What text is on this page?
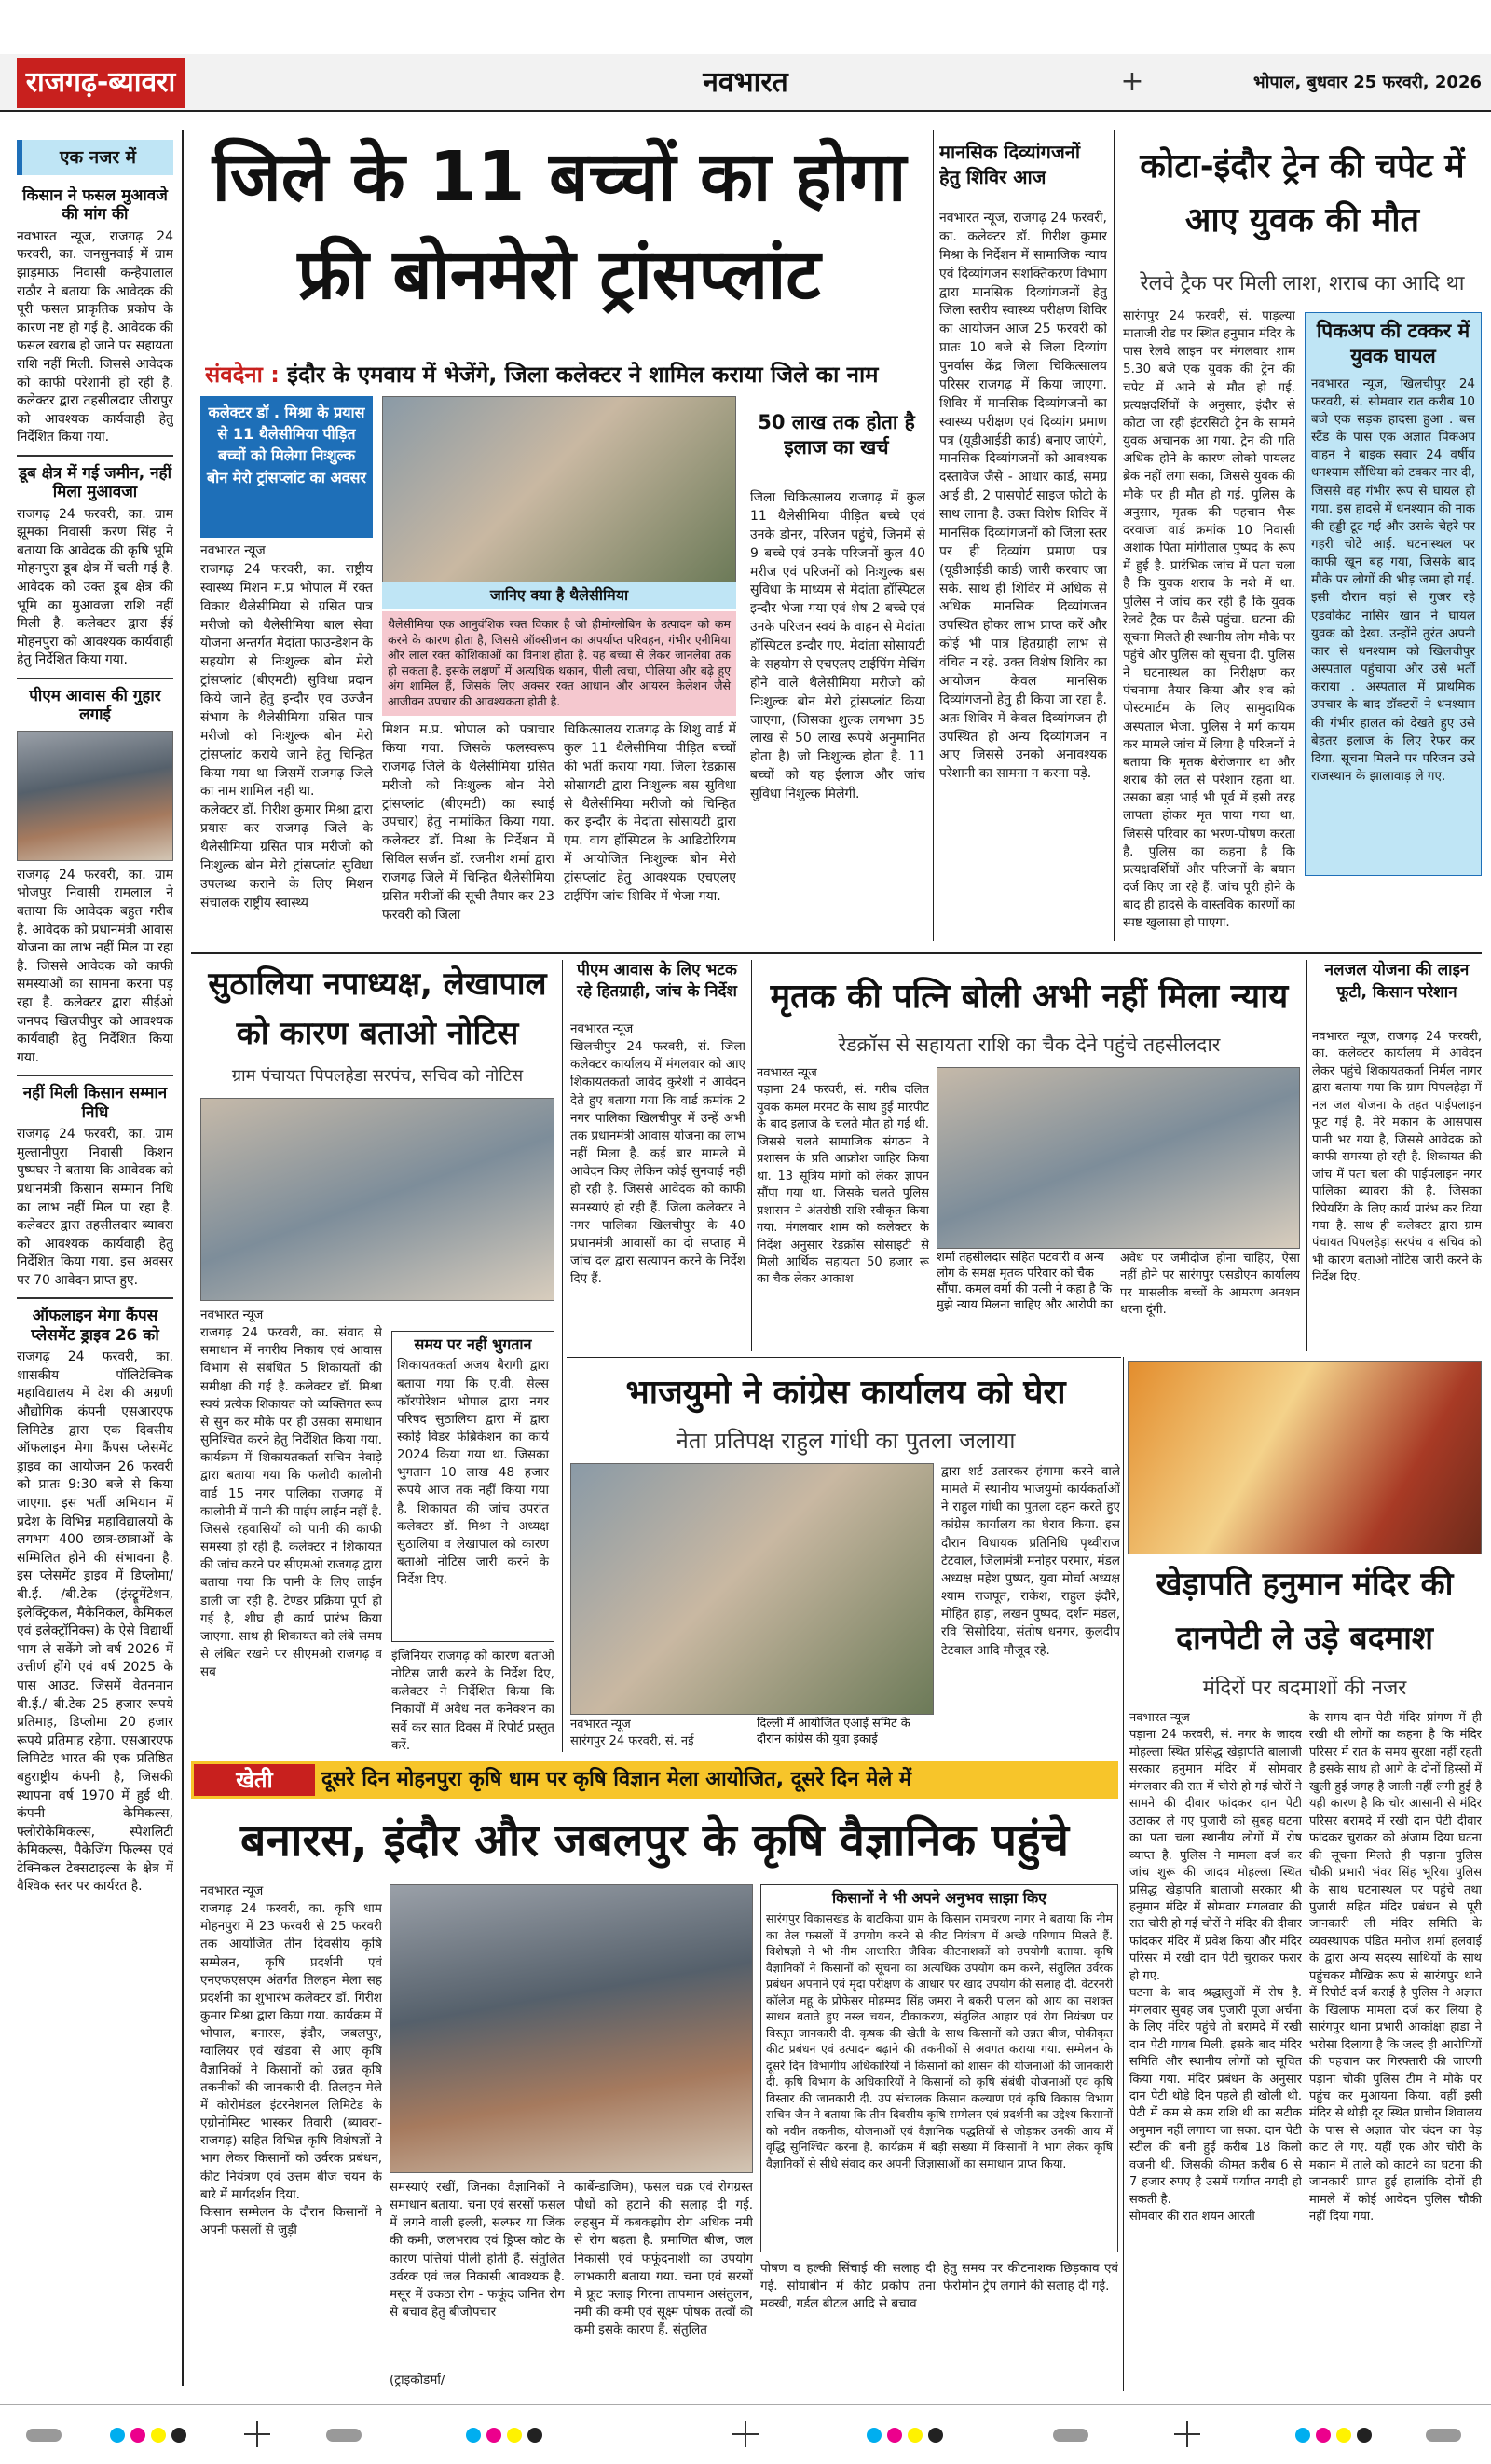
राजगढ़-ब्यावरा	नवभारत	+	भोपाल, बुधवार 25 फरवरी, 2026
एक नजर में
किसान ने फसल मुआवजे की मांग की
नवभारत न्यूज, राजगढ़ 24 फरवरी, का. जनसुनवाई में ग्राम झाड़माऊ निवासी कन्हैयालाल राठौर ने बताया कि आवेदक की पूरी फसल प्राकृतिक प्रकोप के कारण नष्ट हो गई है. आवेदक की फसल खराब हो जाने पर सहायता राशि नहीं मिली. जिससे आवेदक को काफी परेशानी हो रही है. कलेक्टर द्वारा तहसीलदार जीरापुर को आवश्यक कार्यवाही हेतु निर्देशित किया गया.
डूब क्षेत्र में गई जमीन, नहीं मिला मुआवजा
राजगढ़ 24 फरवरी, का. ग्राम झूमका निवासी करण सिंह ने बताया कि आवेदक की कृषि भूमि मोहनपुरा डूब क्षेत्र में चली गई है. आवेदक को उक्त डूब क्षेत्र की भूमि का मुआवजा राशि नहीं मिली है. कलेक्टर द्वारा ईई मोहनपुरा को आवश्यक कार्यवाही हेतु निर्देशित किया गया.
पीएम आवास की गुहार लगाई
राजगढ़ 24 फरवरी, का. ग्राम भोजपुर निवासी रामलाल ने बताया कि आवेदक बहुत गरीब है. आवेदक को प्रधानमंत्री आवास योजना का लाभ नहीं मिल पा रहा है. जिससे आवेदक को काफी समस्याओं का सामना करना पड़ रहा है. कलेक्टर द्वारा सीईओ जनपद खिलचीपुर को आवश्यक कार्यवाही हेतु निर्देशित किया गया.
नहीं मिली किसान सम्मान निधि
राजगढ़ 24 फरवरी, का. ग्राम मुल्तानीपुरा निवासी किशन पुष्पघर ने बताया कि आवेदक को प्रधानमंत्री किसान सम्मान निधि का लाभ नहीं मिल पा रहा है. कलेक्टर द्वारा तहसीलदार ब्यावरा को आवश्यक कार्यवाही हेतु निर्देशित किया गया. इस अवसर पर 70 आवेदन प्राप्त हुए.
ऑफलाइन मेगा कैंपस प्लेसमेंट ड्राइव 26 को
राजगढ़ 24 फरवरी, का. शासकीय पॉलिटेक्निक महाविद्यालय में देश की अग्रणी औद्योगिक कंपनी एसआरएफ लिमिटेड द्वारा एक दिवसीय ऑफलाइन मेगा कैंपस प्लेसमेंट ड्राइव का आयोजन 26 फरवरी को प्रातः 9:30 बजे से किया जाएगा. इस भर्ती अभियान में प्रदेश के विभिन्न महाविद्यालयों के लगभग 400 छात्र-छात्राओं के सम्मिलित होने की संभावना है. इस प्लेसमेंट ड्राइव में डिप्लोमा/बी.ई. /बी.टेक (इंस्ट्रूमेंटेशन, इलेक्ट्रिकल, मैकेनिकल, केमिकल एवं इलेक्ट्रॉनिक्स) के ऐसे विद्यार्थी भाग ले सकेंगे जो वर्ष 2026 में उत्तीर्ण होंगे एवं वर्ष 2025 के पास आउट. जिसमें वेतनमान बी.ई./ बी.टेक 25 हजार रूपये प्रतिमाह, डिप्लोमा 20 हजार रूपये प्रतिमाह रहेगा. एसआरएफ लिमिटेड भारत की एक प्रतिष्ठित बहुराष्ट्रीय कंपनी है, जिसकी स्थापना वर्ष 1970 में हुई थी. कंपनी केमिकल्स, फ्लोरोकेमिकल्स, स्पेशलिटी केमिकल्स, पैकेजिंग फिल्म्स एवं टेक्निकल टेक्सटाइल्स के क्षेत्र में वैश्विक स्तर पर कार्यरत है.
जिले के 11 बच्चों का होगा
फ्री बोनमेरो ट्रांसप्लांट
संवदेना : इंदौर के एमवाय में भेजेंगे, जिला कलेक्टर ने शामिल कराया जिले का नाम
कलेक्टर डॉ . मिश्रा के प्रयास से 11 थैलेसीमिया पीड़ित बच्चों को मिलेगा निःशुल्क बोन मेरो ट्रांसप्लांट का अवसर
जानिए क्या है थैलेसीमिया
थैलेसीमिया एक आनुवंशिक रक्त विकार है जो हीमोग्लोबिन के उत्पादन को कम करने के कारण होता है, जिससे ऑक्सीजन का अपर्याप्त परिवहन, गंभीर एनीमिया और लाल रक्त कोशिकाओं का विनाश होता है. यह बच्चा से लेकर जानलेवा तक हो सकता है. इसके लक्षणों में अत्यधिक थकान, पीली त्वचा, पीलिया और बढ़े हुए अंग शामिल हैं, जिसके लिए अक्सर रक्त आधान और आयरन केलेशन जैसे आजीवन उपचार की आवश्यकता होती है.
नवभारत न्यूज
राजगढ़ 24 फरवरी, का. राष्ट्रीय स्वास्थ्य मिशन म.प्र भोपाल में रक्त विकार थैलेसीमिया से ग्रसित पात्र मरीजो को थैलेसीमिया बाल सेवा योजना अन्तर्गत मेदांता फाउन्डेशन के सहयोग से निःशुल्क बोन मेरो ट्रांसप्लांट (बीएमटी) सुविधा प्रदान किये जाने हेतु इन्दौर एव उज्जैन संभाग के थैलेसीमिया ग्रसित पात्र मरीजो को निःशुल्क बोन मेरो ट्रांसप्लांट कराये जाने हेतु चिन्हित किया गया था जिसमें राजगढ़ जिले का नाम शामिल नहीं था.
कलेक्टर डॉ. गिरीश कुमार मिश्रा द्वारा प्रयास कर राजगढ़ जिले के थैलेसीमिया ग्रसित पात्र मरीजो को निःशुल्क बोन मेरो ट्रांसप्लांट सुविधा उपलब्ध कराने के लिए मिशन संचालक राष्ट्रीय स्वास्थ्य
मिशन म.प्र. भोपाल को पत्राचार किया गया. जिसके फलस्वरूप राजगढ़ जिले के थैलेसीमिया ग्रसित मरीजो को निःशुल्क बोन मेरो ट्रांसप्लांट (बीएमटी) का स्थाई उपचार) हेतु नामांकित किया गया. कलेक्टर डॉ. मिश्रा के निर्देशन में सिविल सर्जन डॉ. रजनीश शर्मा द्वारा राजगढ़ जिले में चिन्हित थैलेसीमिया ग्रसित मरीजों की सूची तैयार कर 23 फरवरी को जिला
चिकित्सालय राजगढ़ के शिशु वार्ड में कुल 11 थैलेसीमिया पीड़ित बच्चों की भर्ती कराया गया. जिला रेडक्रास सोसायटी द्वारा निःशुल्क बस सुविधा से थैलेसीमिया मरीजो को चिन्हित कर इन्दौर के मेदांता सोसायटी द्वारा एम. वाय हॉस्पिटल के आडिटोरियम में आयोजित निःशुल्क बोन मेरो ट्रांसप्लांट हेतु आवश्यक एचएलए टाईपिंग जांच शिविर में भेजा गया.
50 लाख तक होता है इलाज का खर्च
जिला चिकित्सालय राजगढ़ में कुल 11 थैलेसीमिया पीड़ित बच्चे एवं उनके डोनर, परिजन पहुंचे, जिनमें से 9 बच्चे एवं उनके परिजनों कुल 40 मरीज एवं परिजनों को निःशुल्क बस सुविधा के माध्यम से मेदांता हॉस्पिटल इन्दौर भेजा गया एवं शेष 2 बच्चे एवं उनके परिजन स्वयं के वाहन से मेदांता हॉस्पिटल इन्दौर गए. मेदांता सोसायटी के सहयोग से एचएलए टाईपिंग मेचिंग होने वाले थैलेसीमिया मरीजो को निःशुल्क बोन मेरो ट्रांसप्लांट किया जाएगा, (जिसका शुल्क लगभग 35 लाख से 50 लाख रूपये अनुमानित होता है) जो निःशुल्क होता है. 11 बच्चों को यह ईलाज और जांच सुविधा निशुल्क मिलेगी.
मानसिक दिव्यांगजनों हेतु शिविर आज
नवभारत न्यूज, राजगढ़ 24 फरवरी, का. कलेक्टर डॉ. गिरीश कुमार मिश्रा के निर्देशन में सामाजिक न्याय एवं दिव्यांगजन सशक्तिकरण विभाग द्वारा मानसिक दिव्यांगजनों हेतु जिला स्तरीय स्वास्थ्य परीक्षण शिविर का आयोजन आज 25 फरवरी को प्रातः 10 बजे से जिला दिव्यांग पुनर्वास केंद्र जिला चिकित्सालय परिसर राजगढ़ में किया जाएगा. शिविर में मानसिक दिव्यांगजनों का स्वास्थ्य परीक्षण एवं दिव्यांग प्रमाण पत्र (यूडीआईडी कार्ड) बनाए जाएंगे, मानसिक दिव्यांगजनों को आवश्यक दस्तावेज जैसे - आधार कार्ड, समग्र आई डी, 2 पासपोर्ट साइज फोटो के साथ लाना है. उक्त विशेष शिविर में मानसिक दिव्यांगजनों को जिला स्तर पर ही दिव्यांग प्रमाण पत्र (यूडीआईडी कार्ड) जारी करवाए जा सके. साथ ही शिविर में अधिक से अधिक मानसिक दिव्यांगजन उपस्थित होकर लाभ प्राप्त करें और कोई भी पात्र हितग्राही लाभ से वंचित न रहे. उक्त विशेष शिविर का आयोजन केवल मानसिक दिव्यांगजनों हेतु ही किया जा रहा है. अतः शिविर में केवल दिव्यांगजन ही उपस्थित हो अन्य दिव्यांगजन न आए जिससे उनको अनावश्यक परेशानी का सामना न करना पड़े.
कोटा-इंदौर ट्रेन की चपेट में आए युवक की मौत
रेलवे ट्रैक पर मिली लाश, शराब का आदि था
सारंगपुर 24 फरवरी, सं. पाड़ल्या माताजी रोड पर स्थित हनुमान मंदिर के पास रेलवे लाइन पर मंगलवार शाम 5.30 बजे एक युवक की ट्रेन की चपेट में आने से मौत हो गई. प्रत्यक्षदर्शियों के अनुसार, इंदौर से कोटा जा रही इंटरसिटी ट्रेन के सामने युवक अचानक आ गया. ट्रेन की गति अधिक होने के कारण लोको पायलट ब्रेक नहीं लगा सका, जिससे युवक की मौके पर ही मौत हो गई. पुलिस के अनुसार, मृतक की पहचान भैरू दरवाजा वार्ड क्रमांक 10 निवासी अशोक पिता मांगीलाल पुष्पद के रूप में हुई है. प्रारंभिक जांच में पता चला है कि युवक शराब के नशे में था. पुलिस ने जांच कर रही है कि युवक रेलवे ट्रैक पर कैसे पहुंचा. घटना की सूचना मिलते ही स्थानीय लोग मौके पर पहुंचे और पुलिस को सूचना दी. पुलिस ने घटनास्थल का निरीक्षण कर पंचनामा तैयार किया और शव को पोस्टमार्टम के लिए सामुदायिक अस्पताल भेजा. पुलिस ने मर्ग कायम कर मामले जांच में लिया है परिजनों ने बताया कि मृतक बेरोजगार था और शराब की लत से परेशान रहता था. उसका बड़ा भाई भी पूर्व में इसी तरह लापता होकर मृत पाया गया था, जिससे परिवार का भरण-पोषण करता है. पुलिस का कहना है कि प्रत्यक्षदर्शियों और परिजनों के बयान दर्ज किए जा रहे हैं. जांच पूरी होने के बाद ही हादसे के वास्तविक कारणों का स्पष्ट खुलासा हो पाएगा.
पिकअप की टक्कर में युवक घायल
नवभारत न्यूज, खिलचीपुर 24 फरवरी, सं. सोमवार रात करीब 10 बजे एक सड़क हादसा हुआ . बस स्टैंड के पास एक अज्ञात पिकअप वाहन ने बाइक सवार 24 वर्षीय धनश्याम सौंधिया को टक्कर मार दी, जिससे वह गंभीर रूप से घायल हो गया. इस हादसे में धनश्याम की नाक की हड्डी टूट गई और उसके चेहरे पर गहरी चोटें आई. घटनास्थल पर काफी खून बह गया, जिसके बाद मौके पर लोगों की भीड़ जमा हो गई. इसी दौरान वहां से गुजर रहे एडवोकेट नासिर खान ने घायल युवक को देखा. उन्होंने तुरंत अपनी कार से धनश्याम को खिलचीपुर अस्पताल पहुंचाया और उसे भर्ती कराया . अस्पताल में प्राथमिक उपचार के बाद डॉक्टरों ने धनश्याम की गंभीर हालत को देखते हुए उसे बेहतर इलाज के लिए रेफर कर दिया. सूचना मिलने पर परिजन उसे राजस्थान के झालावाड़ ले गए.
सुठालिया नपाध्यक्ष, लेखापाल को कारण बताओ नोटिस
ग्राम पंचायत पिपलहेडा सरपंच, सचिव को नोटिस
नवभारत न्यूज
राजगढ़ 24 फरवरी, का. संवाद से समाधान में नगरीय निकाय एवं आवास विभाग से संबंधित 5 शिकायतों की समीक्षा की गई है. कलेक्टर डॉ. मिश्रा स्वयं प्रत्येक शिकायत को व्यक्तिगत रूप से सुन कर मौके पर ही उसका समाधान सुनिश्चित करने हेतु निर्देशित किया गया. कार्यक्रम में शिकायतकर्ता सचिन नेवाड़े द्वारा बताया गया कि फलोदी कालोनी वार्ड 15 नगर पालिका राजगढ़ में कालोनी में पानी की पाईप लाईन नहीं है. जिससे रहवासियों को पानी की काफी समस्या हो रही है. कलेक्टर ने शिकायत की जांच करने पर सीएमओ राजगढ़ द्वारा बताया गया कि पानी के लिए लाईन डाली जा रही है. टेण्डर प्रक्रिया पूर्ण हो गई है, शीघ्र ही कार्य प्रारंभ किया जाएगा. साथ ही शिकायत को लंबे समय से लंबित रखने पर सीएमओ राजगढ़ व सब
समय पर नहीं भुगतान
शिकायतकर्ता अजय बैरागी द्वारा बताया गया कि ए.वी. सेल्स कॉरपोरेशन भोपाल द्वारा नगर परिषद सुठालिया द्वारा में द्वारा स्कोई विडर फेब्रिकेशन का कार्य 2024 किया गया था. जिसका भुगतान 10 लाख 48 हजार रूपये आज तक नहीं किया गया है. शिकायत की जांच उपरांत कलेक्टर डॉ. मिश्रा ने अध्यक्ष सुठालिया व लेखापाल को कारण बताओ नोटिस जारी करने के निर्देश दिए.
इंजिनियर राजगढ़ को कारण बताओ नोटिस जारी करने के निर्देश दिए, कलेक्टर ने निर्देशित किया कि निकायों में अवैध नल कनेक्शन का सर्वे कर सात दिवस में रिपोर्ट प्रस्तुत करें.
पीएम आवास के लिए भटक रहे हितग्राही, जांच के निर्देश
नवभारत न्यूज
खिलचीपुर 24 फरवरी, सं. जिला कलेक्टर कार्यालय में मंगलवार को आए शिकायतकर्ता जावेद कुरेशी ने आवेदन देते हुए बताया गया कि वार्ड क्रमांक 2 नगर पालिका खिलचीपुर में उन्हें अभी तक प्रधानमंत्री आवास योजना का लाभ नहीं मिला है. कई बार मामले में आवेदन किए लेकिन कोई सुनवाई नहीं हो रही है. जिससे आवेदक को काफी समस्याएं हो रही हैं. जिला कलेक्टर ने नगर पालिका खिलचीपुर के 40 प्रधानमंत्री आवासों का दो सप्ताह में जांच दल द्वारा सत्यापन करने के निर्देश दिए हैं.
मृतक की पत्नि बोली अभी नहीं मिला न्याय
रेडक्रॉस से सहायता राशि का चैक देने पहुंचे तहसीलदार
नवभारत न्यूज
पड़ाना 24 फरवरी, सं. गरीब दलित युवक कमल मरमट के साथ हुई मारपीट के बाद इलाज के चलते मौत हो गई थी. जिससे चलते सामाजिक संगठन ने प्रशासन के प्रति आक्रोश जाहिर किया था. 13 सूत्रिय मांगो को लेकर ज्ञापन सौंपा गया था. जिसके चलते पुलिस प्रशासन ने अंतरोष्ठी राशि स्वीकृत किया गया. मंगलवार शाम को कलेक्टर के निर्देश अनुसार रेडक्रॉस सोसाइटी से मिली आर्थिक सहायता 50 हजार रू का चैक लेकर आकाश
शर्मा तहसीलदार सहित पटवारी व अन्य लोग के समक्ष मृतक परिवार को चैक सौंपा. कमल वर्मा की पत्नी ने कहा है कि मुझे न्याय मिलना चाहिए और आरोपी का
अवैध पर जमीदोज होना चाहिए, ऐसा नहीं होने पर सारंगपुर एसडीएम कार्यालय पर मासलीक बच्चों के आमरण अनशन धरना दूंगी.
नलजल योजना की लाइन फूटी, किसान परेशान
नवभारत न्यूज, राजगढ़ 24 फरवरी, का. कलेक्टर कार्यालय में आवेदन लेकर पहुंचे शिकायतकर्ता निर्मल नागर द्वारा बताया गया कि ग्राम पिपलहेड़ा में नल जल योजना के तहत पाईपलाइन फूट गई है. मेरे मकान के आसपास पानी भर गया है, जिससे आवेदक को काफी समस्या हो रही है. शिकायत की जांच में पता चला की पाईपलाइन नगर पालिका ब्यावरा की है. जिसका रिपेयरिंग के लिए कार्य प्रारंभ कर दिया गया है. साथ ही कलेक्टर द्वारा ग्राम पंचायत पिपलहेड़ा सरपंच व सचिव को भी कारण बताओ नोटिस जारी करने के निर्देश दिए.
भाजयुमो ने कांग्रेस कार्यालय को घेरा
नेता प्रतिपक्ष राहुल गांधी का पुतला जलाया
नवभारत न्यूज
सारंगपुर 24 फरवरी, सं. नई
दिल्ली में आयोजित एआई समिट के दौरान कांग्रेस की युवा इकाई
द्वारा शर्ट उतारकर हंगामा करने वाले मामले में स्थानीय भाजयुमो कार्यकर्ताओं ने राहुल गांधी का पुतला दहन करते हुए कांग्रेस कार्यालय का घेराव किया. इस दौरान विधायक प्रतिनिधि पृथ्वीराज टेटवाल, जिलामंत्री मनोहर परमार, मंडल अध्यक्ष महेश पुष्पद, युवा मोर्चा अध्यक्ष श्याम राजपूत, राकेश, राहुल इंदौरे, मोहित हाड़ा, लखन पुष्पद, दर्शन मंडल, रवि सिसोदिया, संतोष धनगर, कुलदीप टेटवाल आदि मौजूद रहे.
खेड़ापति हनुमान मंदिर की दानपेटी ले उड़े बदमाश
मंदिरों पर बदमाशों की नजर
नवभारत न्यूज
पड़ाना 24 फरवरी, सं. नगर के जादव मोहल्ला स्थित प्रसिद्ध खेड़ापति बालाजी सरकार हनुमान मंदिर में सोमवार मंगलवार की रात में चोरो हो गई चोरों ने सामने की दीवार फांदकर दान पेटी उठाकर ले गए पुजारी को सुबह घटना का पता चला स्थानीय लोगों में रोष व्याप्त है. पुलिस ने मामला दर्ज कर जांच शुरू की जादव मोहल्ला स्थित प्रसिद्ध खेड़ापति बालाजी सरकार श्री हनुमान मंदिर में सोमवार मंगलवार की रात चोरी हो गई चोरों ने मंदिर की दीवार फांदकर मंदिर में प्रवेश किया और मंदिर परिसर में रखी दान पेटी चुराकर फरार हो गए.
घटना के बाद श्रद्धालुओं में रोष है. मंगलवार सुबह जब पुजारी पूजा अर्चना के लिए मंदिर पहुंचे तो बरामदे में रखी दान पेटी गायब मिली. इसके बाद मंदिर समिति और स्थानीय लोगों को सूचित किया गया. मंदिर प्रबंधन के अनुसार दान पेटी थोड़े दिन पहले ही खोली थी. पेटी में कम से कम राशि थी का सटीक अनुमान नहीं लगाया जा सका. दान पेटी स्टील की बनी हुई करीब 18 किलो वजनी थी. जिसकी कीमत करीब 6 से 7 हजार रुपए है उसमें पर्याप्त नगदी हो सकती है.
सोमवार की रात शयन आरती
के समय दान पेटी मंदिर प्रांगण में ही रखी थी लोगों का कहना है कि मंदिर परिसर में रात के समय सुरक्षा नहीं रहती है इसके साथ ही आगे के दोनों हिस्सों में खुली हुई जगह है जाली नहीं लगी हुई है यही कारण है कि चोर आसानी से मंदिर परिसर बरामदे में रखी दान पेटी दीवार फांदकर चुराकर को अंजाम दिया घटना की सूचना मिलते ही पड़ाना पुलिस चौकी प्रभारी भंवर सिंह भूरिया पुलिस के साथ घटनास्थल पर पहुंचे तथा पुजारी सहित मंदिर प्रबंधन से पूरी जानकारी ली मंदिर समिति के व्यवस्थापक पंडित मनोज शर्मा हलवाई के द्वारा अन्य सदस्य साथियों के साथ पहुंचकर मौखिक रूप से सारंगपुर थाने में रिपोर्ट दर्ज कराई है पुलिस ने अज्ञात के खिलाफ मामला दर्ज कर लिया है सारंगपुर थाना प्रभारी आकांक्षा हाडा ने भरोसा दिलाया है कि जल्द ही आरोपियों की पहचान कर गिरफ्तारी की जाएगी पड़ाना चौकी पुलिस टीम ने मौके पर पहुंच कर मुआयना किया. वहीं इसी मंदिर से थोड़ी दूर स्थित प्राचीन शिवालय के पास से अज्ञात चोर चंदन का पेड़ काट ले गए. यहीं एक और चोरी के मकान में ताले को काटने का घटना की जानकारी प्राप्त हुई हालांकि दोनों ही मामले में कोई आवेदन पुलिस चौकी नहीं दिया गया.
खेती	दूसरे दिन मोहनपुरा कृषि धाम पर कृषि विज्ञान मेला आयोजित, दूसरे दिन मेले में
बनारस, इंदौर और जबलपुर के कृषि वैज्ञानिक पहुंचे
नवभारत न्यूज
राजगढ़ 24 फरवरी, का. कृषि धाम मोहनपुरा में 23 फरवरी से 25 फरवरी तक आयोजित तीन दिवसीय कृषि सम्मेलन, कृषि प्रदर्शनी एवं एनएफएसएम अंतर्गत तिलहन मेला सह प्रदर्शनी का शुभारंभ कलेक्टर डॉ. गिरीश कुमार मिश्रा द्वारा किया गया. कार्यक्रम में भोपाल, बनारस, इंदौर, जबलपुर, ग्वालियर एवं खंडवा से आए कृषि वैज्ञानिकों ने किसानों को उन्नत कृषि तकनीकों की जानकारी दी. तिलहन मेले में कोरोमंडल इंटरनेशनल लिमिटेड के एग्रोनोमिस्ट भास्कर तिवारी (ब्यावरा-राजगढ़) सहित विभिन्न कृषि विशेषज्ञों ने भाग लेकर किसानों को उर्वरक प्रबंधन, कीट नियंत्रण एवं उत्तम बीज चयन के बारे में मार्गदर्शन दिया.
किसान सम्मेलन के दौरान किसानों ने अपनी फसलों से जुड़ी
समस्याएं रखीं, जिनका वैज्ञानिकों ने समाधान बताया. चना एवं सरसों फसल में लगने वाली इल्ली, सल्फर या जिंक की कमी, जलभराव एवं ड्रिप्स कोट के कारण पत्तियां पीली होती हैं. संतुलित उर्वरक एवं जल निकासी आवश्यक है. मसूर में उकठा रोग - फफूंद जनित रोग से बचाव हेतु बीजोपचार
कार्बेन्डाजिम), फसल चक्र एवं रोगग्रस्त पौधों को हटाने की सलाह दी गई. लहसुन में कबकझोंप रोग अधिक नमी से रोग बढ़ता है. प्रमाणित बीज, जल निकासी एवं फफूंदनाशी का उपयोग लाभकारी बताया गया. चना एवं सरसों में फ्रूट फ्लाइ गिरना तापमान असंतुलन, नमी की कमी एवं सूक्ष्म पोषक तत्वों की कमी इसके कारण हैं. संतुलित
(ट्राइकोडर्मा/
किसानों ने भी अपने अनुभव साझा किए
सारंगपुर विकासखंड के बाटकिया ग्राम के किसान रामचरण नागर ने बताया कि नीम का तेल फसलों में उपयोग करने से कीट नियंत्रण में अच्छे परिणाम मिलते हैं. विशेषज्ञों ने भी नीम आधारित जैविक कीटनाशकों को उपयोगी बताया. कृषि वैज्ञानिकों ने किसानों को सूचना का अत्यधिक उपयोग कम करने, संतुलित उर्वरक प्रबंधन अपनाने एवं मृदा परीक्षण के आधार पर खाद उपयोग की सलाह दी. वेटरनरी कॉलेज महू के प्रोफेसर मोहम्मद सिंह जमरा ने बकरी पालन को आय का सशक्त साधन बताते हुए नस्ल चयन, टीकाकरण, संतुलित आहार एवं रोग नियंत्रण पर विस्तृत जानकारी दी. कृषक की खेती के साथ किसानों को उन्नत बीज, पोकीकृत कीट प्रबंधन एवं उत्पादन बढ़ाने की तकनीकों से अवगत कराया गया. सम्मेलन के दूसरे दिन विभागीय अधिकारियों ने किसानों को शासन की योजनाओं की जानकारी दी. कृषि विभाग के अधिकारियों ने किसानों को कृषि संबंधी योजनाओं एवं कृषि विस्तार की जानकारी दी. उप संचालक किसान कल्याण एवं कृषि विकास विभाग सचिन जैन ने बताया कि तीन दिवसीय कृषि सम्मेलन एवं प्रदर्शनी का उद्देश्य किसानों को नवीन तकनीक, योजनाओं एवं वैज्ञानिक पद्धतियों से जोड़कर उनकी आय में वृद्धि सुनिश्चित करना है. कार्यक्रम में बड़ी संख्या में किसानों ने भाग लेकर कृषि वैज्ञानिकों से सीधे संवाद कर अपनी जिज्ञासाओं का समाधान प्राप्त किया.
पोषण व हल्की सिंचाई की सलाह दी गई. सोयाबीन में कीट प्रकोप तना मक्खी, गर्डल बीटल आदि से बचाव
हेतु समय पर कीटनाशक छिड़काव एवं फेरोमोन ट्रेप लगाने की सलाह दी गई.
